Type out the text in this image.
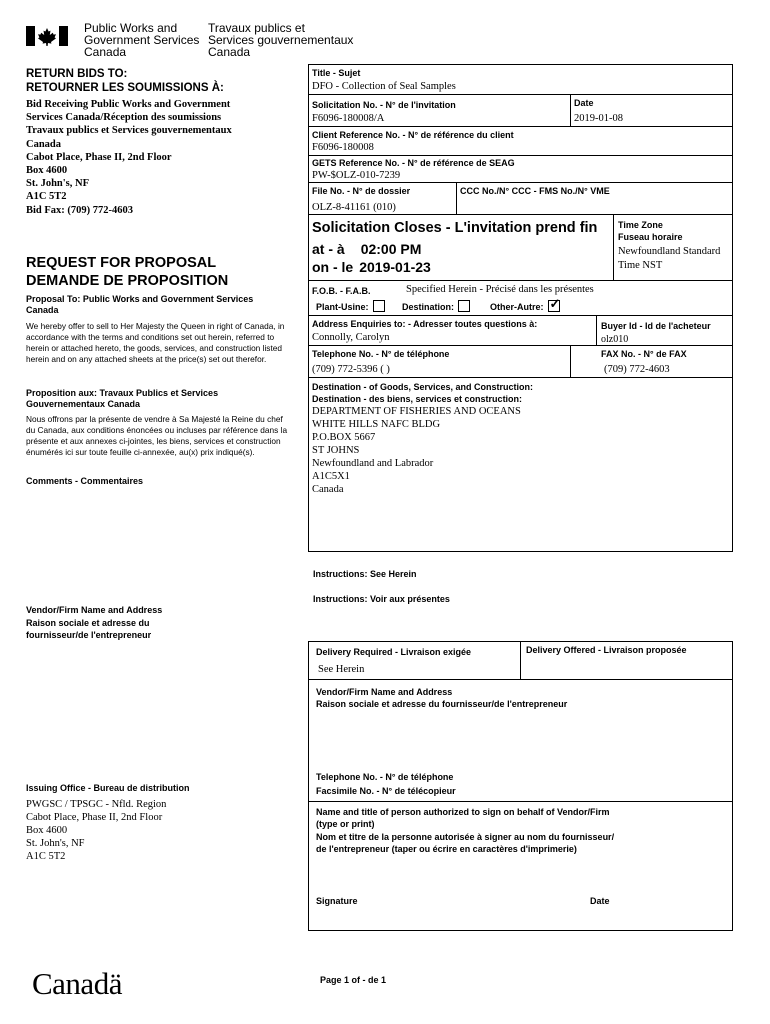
Public Works and
Government Services
Canada
Travaux publics et
Services gouvernementaux
Canada
RETURN BIDS TO:
RETOURNER LES SOUMISSIONS À:
Bid Receiving Public Works and Government
Services Canada/Réception des soumissions
Travaux publics et Services gouvernementaux
Canada
Cabot Place, Phase II, 2nd Floor
Box 4600
St. John's, NF
A1C 5T2
Bid Fax: (709) 772-4603
REQUEST FOR PROPOSAL
DEMANDE DE PROPOSITION
Proposal To: Public Works and Government Services Canada
We hereby offer to sell to Her Majesty the Queen in right of Canada, in accordance with the terms and conditions set out herein, referred to herein or attached hereto, the goods, services, and construction listed herein and on any attached sheets at the price(s) set out therefor.
Proposition aux: Travaux Publics et Services Gouvernementaux Canada
Nous offrons par la présente de vendre à Sa Majesté la Reine du chef du Canada, aux conditions énoncées ou incluses par référence dans la présente et aux annexes ci-jointes, les biens, services et construction énumérés ici sur toute feuille ci-annexée, au(x) prix indiqué(s).
Comments - Commentaires
Vendor/Firm Name and Address
Raison sociale et adresse du
fournisseur/de l'entrepreneur
Issuing Office - Bureau de distribution
PWGSC / TPSGC - Nfld. Region
Cabot Place, Phase II, 2nd Floor
Box 4600
St. John's, NF
A1C 5T2
Title - Sujet
DFO - Collection of Seal Samples
Solicitation No. - N° de l'invitation
F6096-180008/A
Date
2019-01-08
Client Reference No. - N° de référence du client
F6096-180008
GETS Reference No. - N° de référence de SEAG
PW-$OLZ-010-7239
File No. - N° de dossier
OLZ-8-41161 (010)
CCC No./N° CCC - FMS No./N° VME
Solicitation Closes - L'invitation prend fin
at - à 02:00 PM
on - le 2019-01-23
Time Zone
Fuseau horaire
Newfoundland Standard Time NST
F.O.B. - F.A.B.	Specified Herein - Précisé dans les présentes
Plant-Usine:	Destination:	Other-Autre: ✓
Address Enquiries to: - Adresser toutes questions à:
Connolly, Carolyn
Buyer Id - Id de l'acheteur
olz010
Telephone No. - N° de téléphone
(709) 772-5396 ( )
FAX No. - N° de FAX
(709) 772-4603
Destination - of Goods, Services, and Construction:
Destination - des biens, services et construction:
DEPARTMENT OF FISHERIES AND OCEANS
WHITE HILLS NAFC BLDG
P.O.BOX 5667
ST JOHNS
Newfoundland and Labrador
A1C5X1
Canada
Instructions: See Herein
Instructions: Voir aux présentes
Delivery Required - Livraison exigée
See Herein
Delivery Offered - Livraison proposée
Vendor/Firm Name and Address
Raison sociale et adresse du fournisseur/de l'entrepreneur
Telephone No. - N° de téléphone
Facsimile No. - N° de télécopieur
Name and title of person authorized to sign on behalf of Vendor/Firm
(type or print)
Nom et titre de la personne autorisée à signer au nom du fournisseur/
de l'entrepreneur (taper ou écrire en caractères d'imprimerie)
Signature	Date
Canadä	Page 1 of - de 1
